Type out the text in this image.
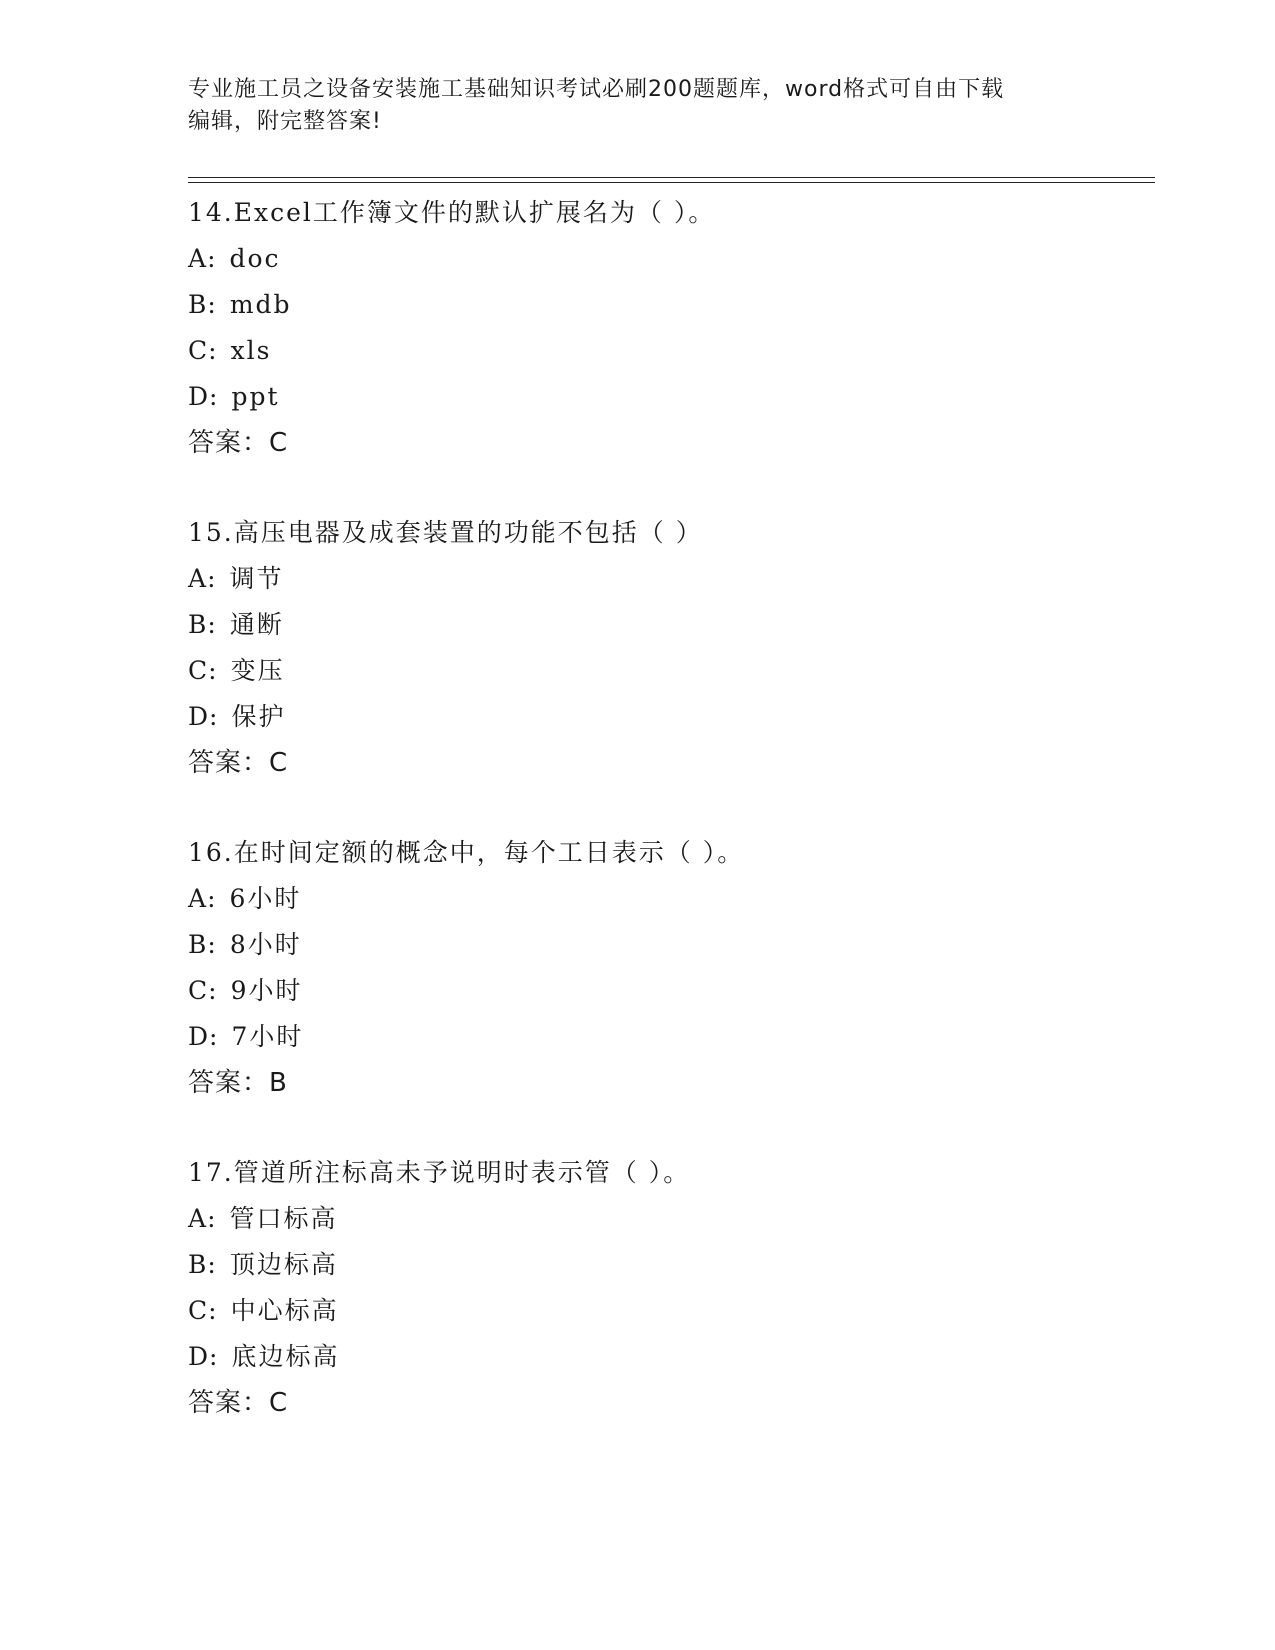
专业施工员之设备安装施工基础知识考试必刷200题题库，word格式可自由下载
编辑，附完整答案!
14.Excel工作簿文件的默认扩展名为（ ）。
A: doc
B: mdb
C: xls
D: ppt
答案：C
15.高压电器及成套装置的功能不包括（ ）
A: 调节
B: 通断
C: 变压
D: 保护
答案：C
16.在时间定额的概念中，每个工日表示（ ）。
A: 6小时
B: 8小时
C: 9小时
D: 7小时
答案：B
17.管道所注标高未予说明时表示管（ ）。
A: 管口标高
B: 顶边标高
C: 中心标高
D: 底边标高
答案：C
